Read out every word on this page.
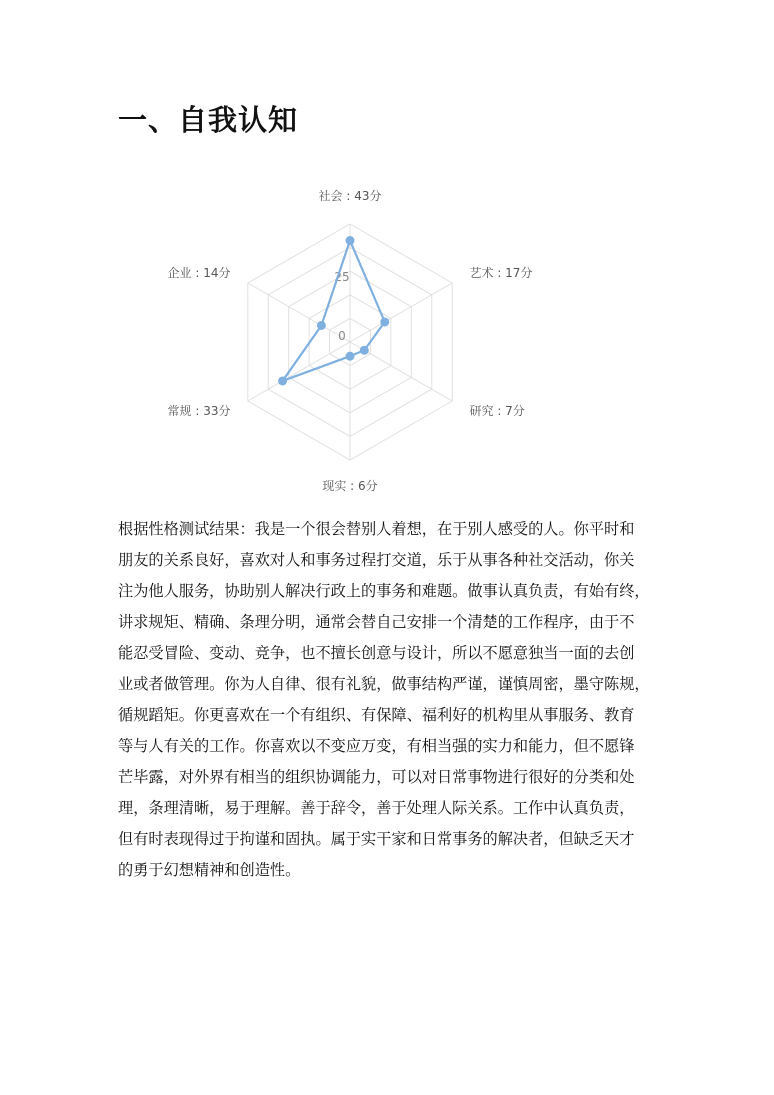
一、自我认知
0
25
社会 : 43分
艺术 : 17分
研究 : 7分
现实 : 6分
常规 : 33分
企业 : 14分
根据性格测试结果：我是一个很会替别人着想，在于别人感受的人。你平时和
朋友的关系良好，喜欢对人和事务过程打交道，乐于从事各种社交活动，你关
注为他人服务，协助别人解决行政上的事务和难题。做事认真负责，有始有终，
讲求规矩、精确、条理分明，通常会替自己安排一个清楚的工作程序，由于不
能忍受冒险、变动、竞争，也不擅长创意与设计，所以不愿意独当一面的去创
业或者做管理。你为人自律、很有礼貌，做事结构严谨，谨慎周密，墨守陈规，
循规蹈矩。你更喜欢在一个有组织、有保障、福利好的机构里从事服务、教育
等与人有关的工作。你喜欢以不变应万变，有相当强的实力和能力，但不愿锋
芒毕露，对外界有相当的组织协调能力，可以对日常事物进行很好的分类和处
理，条理清晰，易于理解。善于辞令，善于处理人际关系。工作中认真负责，
但有时表现得过于拘谨和固执。属于实干家和日常事务的解决者，但缺乏天才
的勇于幻想精神和创造性。
